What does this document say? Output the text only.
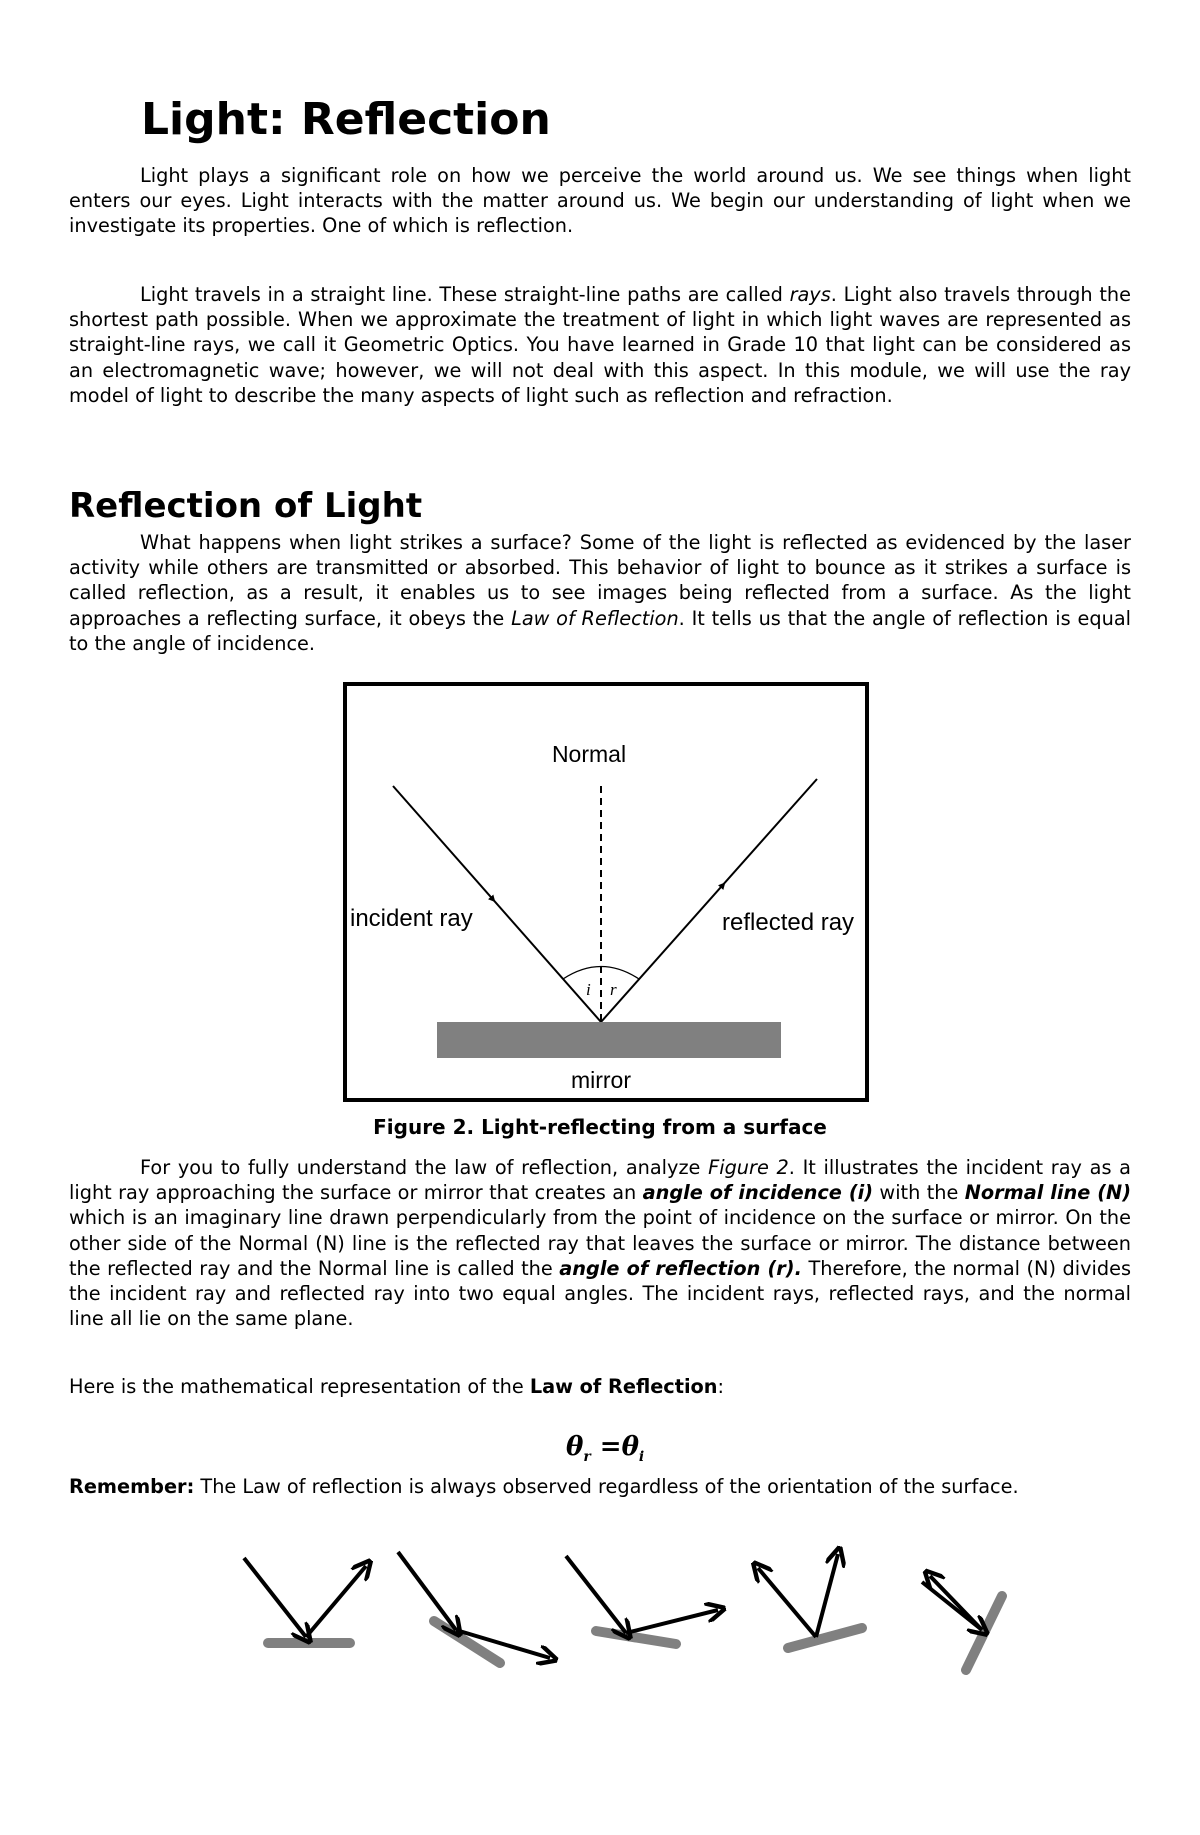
Light: Reflection

Light plays a significant role on how we perceive the world around us. We see things when light enters our eyes. Light interacts with the matter around us. We begin our understanding of light when we investigate its properties. One of which is reflection.

Light travels in a straight line. These straight-line paths are called rays. Light also travels through the shortest path possible. When we approximate the treatment of light in which light waves are represented as straight-line rays, we call it Geometric Optics. You have learned in Grade 10 that light can be considered as an electromagnetic wave; however, we will not deal with this aspect. In this module, we will use the ray model of light to describe the many aspects of light such as reflection and refraction.

Reflection of Light

What happens when light strikes a surface? Some of the light is reflected as evidenced by the laser activity while others are transmitted or absorbed. This behavior of light to bounce as it strikes a surface is called reflection, as a result, it enables us to see images being reflected from a surface. As the light approaches a reflecting surface, it obeys the Law of Reflection. It tells us that the angle of reflection is equal to the angle of incidence.

Normal
incident ray	reflected ray
i r
mirror

Figure 2. Light-reflecting from a surface

For you to fully understand the law of reflection, analyze Figure 2. It illustrates the incident ray as a light ray approaching the surface or mirror that creates an angle of incidence (i) with the Normal line (N) which is an imaginary line drawn perpendicularly from the point of incidence on the surface or mirror. On the other side of the Normal (N) line is the reflected ray that leaves the surface or mirror. The distance between the reflected ray and the Normal line is called the angle of reflection (r). Therefore, the normal (N) divides the incident ray and reflected ray into two equal angles. The incident rays, reflected rays, and the normal line all lie on the same plane.

Here is the mathematical representation of the Law of Reflection:

$\theta_r =\theta_i$

Remember: The Law of reflection is always observed regardless of the orientation of the surface.
